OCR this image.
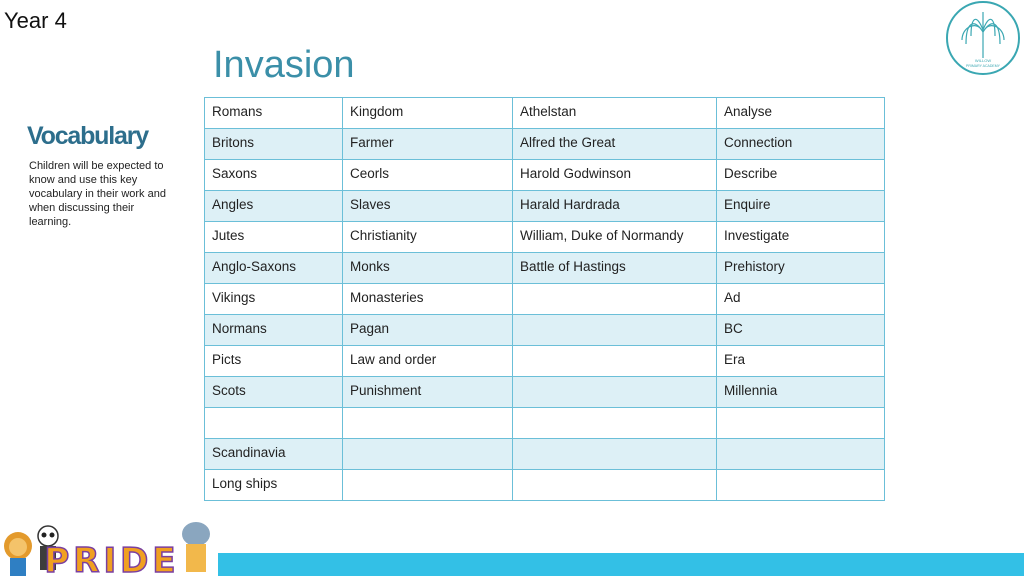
Year 4
Invasion
Vocabulary
Children will be expected to know and use this key vocabulary in their work and when discussing their learning.
Romans	Kingdom	Athelstan	Analyse
Britons	Farmer	Alfred the Great	Connection
Saxons	Ceorls	Harold Godwinson	Describe
Angles	Slaves	Harald Hardrada	Enquire
Jutes	Christianity	William, Duke of Normandy	Investigate
Anglo-Saxons	Monks	Battle of Hastings	Prehistory
Vikings	Monasteries		Ad
Normans	Pagan		BC
Picts	Law and order		Era
Scots	Punishment		Millennia

Scandinavia			
Long ships			
WILLOW
PRIMARY ACADEMY
PRIDE
